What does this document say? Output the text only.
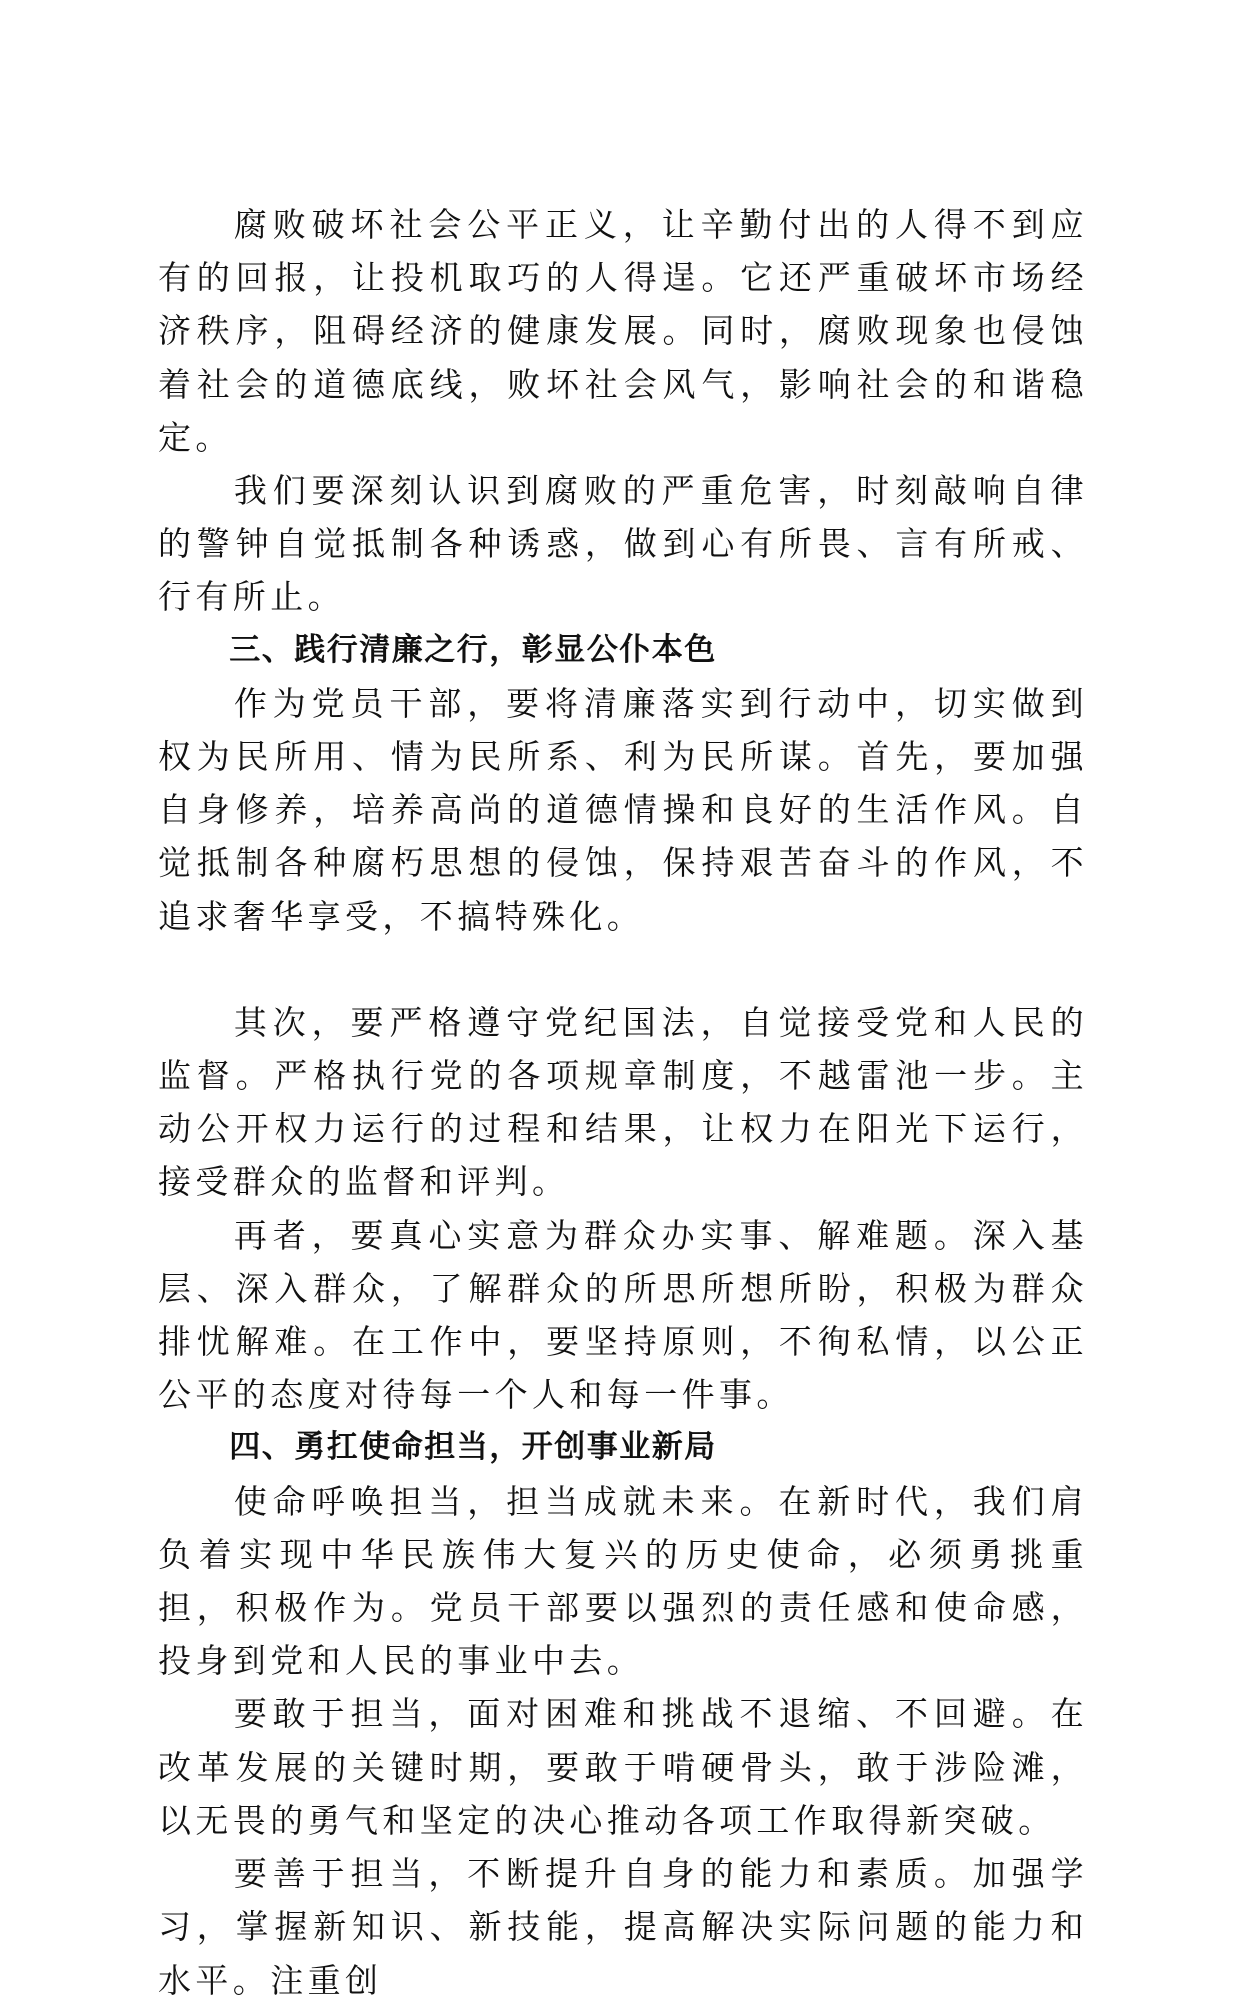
腐败破坏社会公平正义，让辛勤付出的人得不到应有的回报，让投机取巧的人得逞。它还严重破坏市场经济秩序，阻碍经济的健康发展。同时，腐败现象也侵蚀着社会的道德底线，败坏社会风气，影响社会的和谐稳定。

我们要深刻认识到腐败的严重危害，时刻敲响自律的警钟自觉抵制各种诱惑，做到心有所畏、言有所戒、行有所止。

三、践行清廉之行，彰显公仆本色

作为党员干部，要将清廉落实到行动中，切实做到权为民所用、情为民所系、利为民所谋。首先，要加强自身修养，培养高尚的道德情操和良好的生活作风。自觉抵制各种腐朽思想的侵蚀，保持艰苦奋斗的作风，不追求奢华享受，不搞特殊化。

其次，要严格遵守党纪国法，自觉接受党和人民的监督。严格执行党的各项规章制度，不越雷池一步。主动公开权力运行的过程和结果，让权力在阳光下运行，接受群众的监督和评判。

再者，要真心实意为群众办实事、解难题。深入基层、深入群众，了解群众的所思所想所盼，积极为群众排忧解难。在工作中，要坚持原则，不徇私情，以公正公平的态度对待每一个人和每一件事。

四、勇扛使命担当，开创事业新局

使命呼唤担当，担当成就未来。在新时代，我们肩负着实现中华民族伟大复兴的历史使命，必须勇挑重担，积极作为。党员干部要以强烈的责任感和使命感，投身到党和人民的事业中去。

要敢于担当，面对困难和挑战不退缩、不回避。在改革发展的关键时期，要敢于啃硬骨头，敢于涉险滩，以无畏的勇气和坚定的决心推动各项工作取得新突破。

要善于担当，不断提升自身的能力和素质。加强学习，掌握新知识、新技能，提高解决实际问题的能力和水平。注重创
